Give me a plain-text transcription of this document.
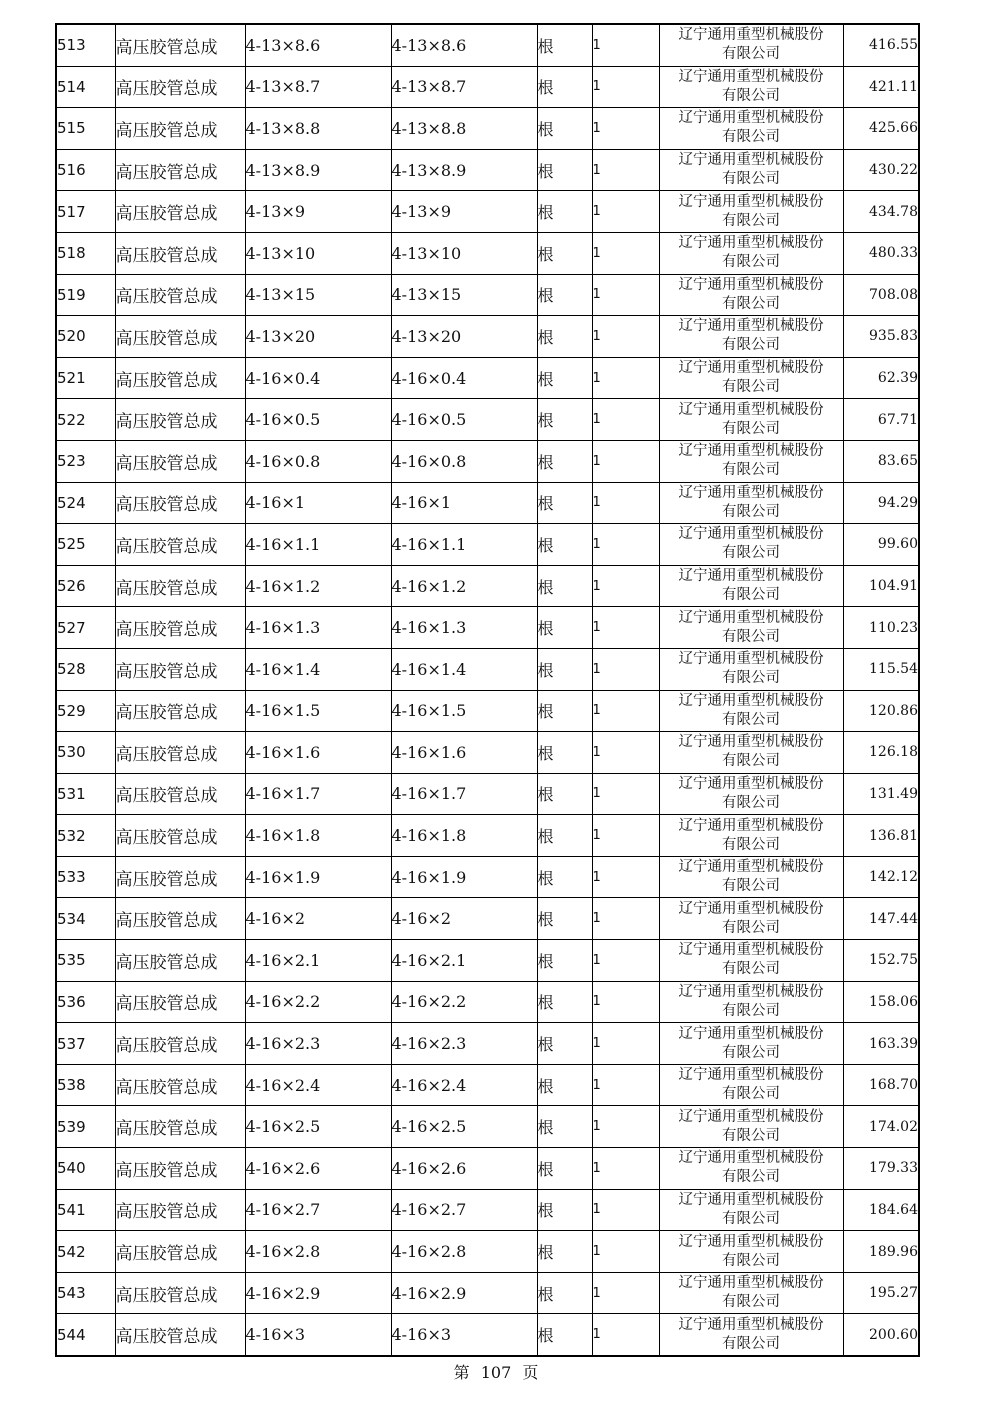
513	高压胶管总成	4-13×8.6	4-13×8.6	根	1	辽宁通用重型机械股份
有限公司	416.55
514	高压胶管总成	4-13×8.7	4-13×8.7	根	1	辽宁通用重型机械股份
有限公司	421.11
515	高压胶管总成	4-13×8.8	4-13×8.8	根	1	辽宁通用重型机械股份
有限公司	425.66
516	高压胶管总成	4-13×8.9	4-13×8.9	根	1	辽宁通用重型机械股份
有限公司	430.22
517	高压胶管总成	4-13×9	4-13×9	根	1	辽宁通用重型机械股份
有限公司	434.78
518	高压胶管总成	4-13×10	4-13×10	根	1	辽宁通用重型机械股份
有限公司	480.33
519	高压胶管总成	4-13×15	4-13×15	根	1	辽宁通用重型机械股份
有限公司	708.08
520	高压胶管总成	4-13×20	4-13×20	根	1	辽宁通用重型机械股份
有限公司	935.83
521	高压胶管总成	4-16×0.4	4-16×0.4	根	1	辽宁通用重型机械股份
有限公司	62.39
522	高压胶管总成	4-16×0.5	4-16×0.5	根	1	辽宁通用重型机械股份
有限公司	67.71
523	高压胶管总成	4-16×0.8	4-16×0.8	根	1	辽宁通用重型机械股份
有限公司	83.65
524	高压胶管总成	4-16×1	4-16×1	根	1	辽宁通用重型机械股份
有限公司	94.29
525	高压胶管总成	4-16×1.1	4-16×1.1	根	1	辽宁通用重型机械股份
有限公司	99.60
526	高压胶管总成	4-16×1.2	4-16×1.2	根	1	辽宁通用重型机械股份
有限公司	104.91
527	高压胶管总成	4-16×1.3	4-16×1.3	根	1	辽宁通用重型机械股份
有限公司	110.23
528	高压胶管总成	4-16×1.4	4-16×1.4	根	1	辽宁通用重型机械股份
有限公司	115.54
529	高压胶管总成	4-16×1.5	4-16×1.5	根	1	辽宁通用重型机械股份
有限公司	120.86
530	高压胶管总成	4-16×1.6	4-16×1.6	根	1	辽宁通用重型机械股份
有限公司	126.18
531	高压胶管总成	4-16×1.7	4-16×1.7	根	1	辽宁通用重型机械股份
有限公司	131.49
532	高压胶管总成	4-16×1.8	4-16×1.8	根	1	辽宁通用重型机械股份
有限公司	136.81
533	高压胶管总成	4-16×1.9	4-16×1.9	根	1	辽宁通用重型机械股份
有限公司	142.12
534	高压胶管总成	4-16×2	4-16×2	根	1	辽宁通用重型机械股份
有限公司	147.44
535	高压胶管总成	4-16×2.1	4-16×2.1	根	1	辽宁通用重型机械股份
有限公司	152.75
536	高压胶管总成	4-16×2.2	4-16×2.2	根	1	辽宁通用重型机械股份
有限公司	158.06
537	高压胶管总成	4-16×2.3	4-16×2.3	根	1	辽宁通用重型机械股份
有限公司	163.39
538	高压胶管总成	4-16×2.4	4-16×2.4	根	1	辽宁通用重型机械股份
有限公司	168.70
539	高压胶管总成	4-16×2.5	4-16×2.5	根	1	辽宁通用重型机械股份
有限公司	174.02
540	高压胶管总成	4-16×2.6	4-16×2.6	根	1	辽宁通用重型机械股份
有限公司	179.33
541	高压胶管总成	4-16×2.7	4-16×2.7	根	1	辽宁通用重型机械股份
有限公司	184.64
542	高压胶管总成	4-16×2.8	4-16×2.8	根	1	辽宁通用重型机械股份
有限公司	189.96
543	高压胶管总成	4-16×2.9	4-16×2.9	根	1	辽宁通用重型机械股份
有限公司	195.27
544	高压胶管总成	4-16×3	4-16×3	根	1	辽宁通用重型机械股份
有限公司	200.60
第 107 页
